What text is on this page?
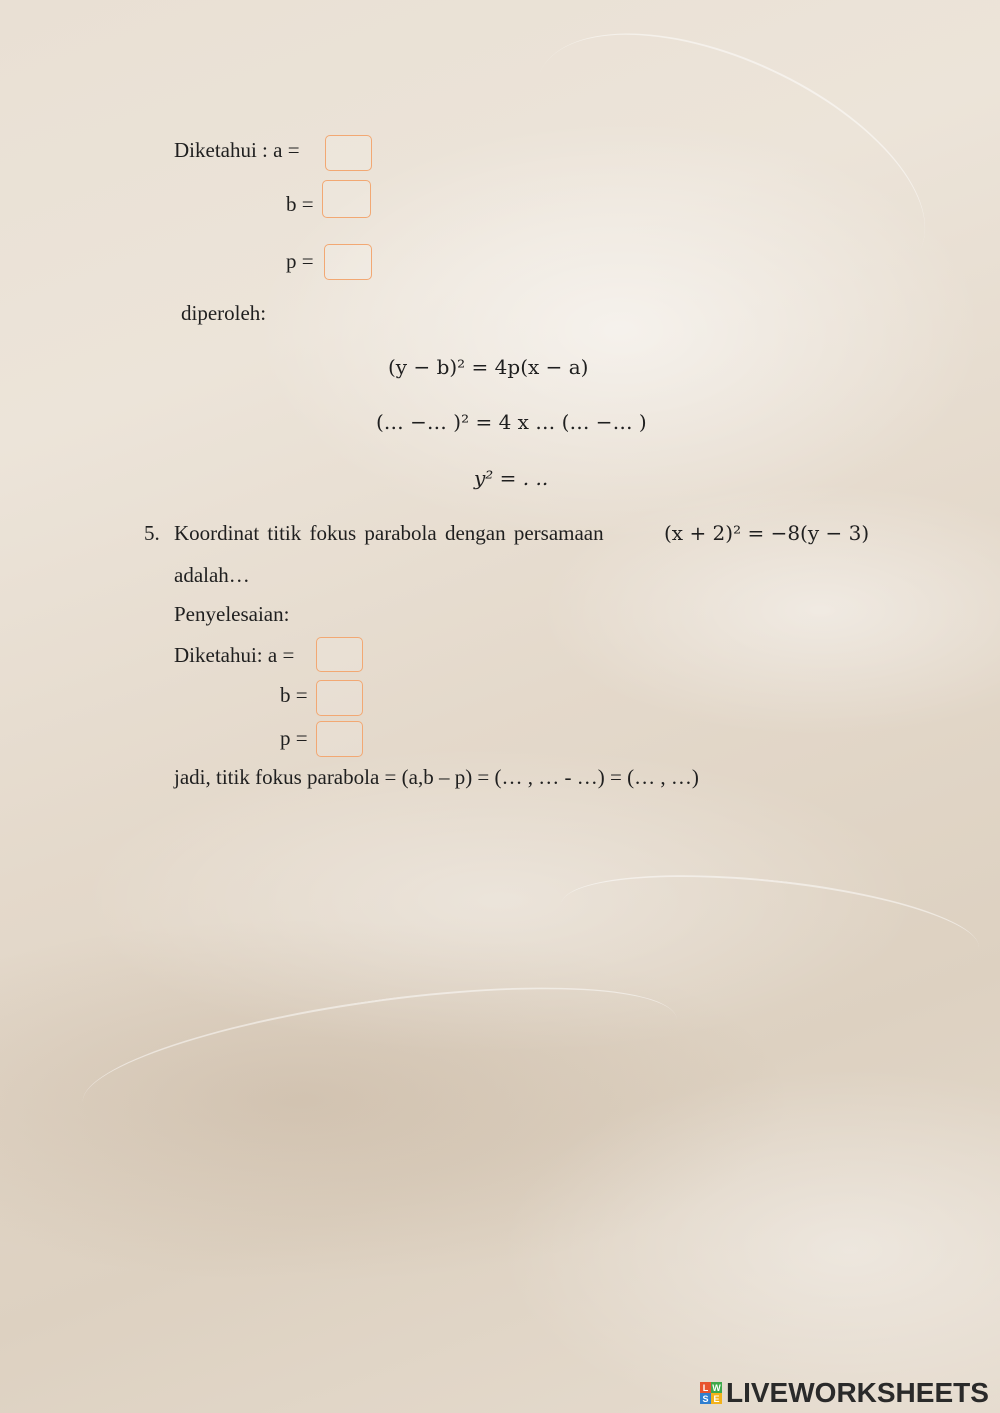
Diketahui : a =
b =
p =
diperoleh:
(y − b)² = 4p(x − a)
(… −… )² = 4 x … (… −… )
y² = . ..
5. Koordinat titik fokus parabola dengan persamaan	(x + 2)² = −8(y − 3)
adalah…
Penyelesaian:
Diketahui: a =
b =
p =
jadi, titik fokus parabola = (a,b – p) = (… , … - …) = (… , …)
L W
S E LIVEWORKSHEETS
